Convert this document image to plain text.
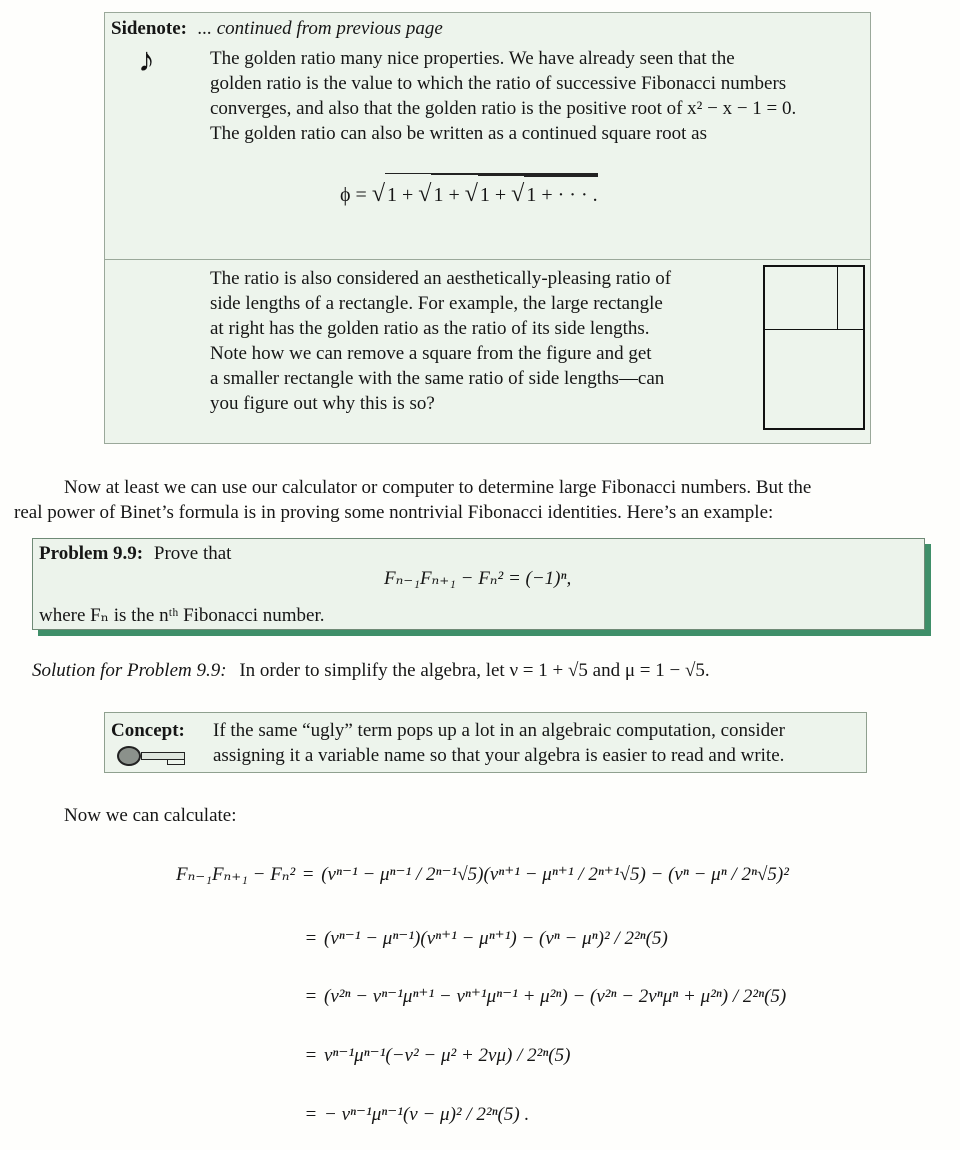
Sidenote: ... continued from previous page
♪	The golden ratio many nice properties. We have already seen that the
golden ratio is the value to which the ratio of successive Fibonacci numbers
converges, and also that the golden ratio is the positive root of x² − x − 1 = 0.
The golden ratio can also be written as a continued square root as
ϕ = √ 1 + √ 1 + √ 1 + √ 1 + · · · .
The ratio is also considered an aesthetically-pleasing ratio of
side lengths of a rectangle. For example, the large rectangle
at right has the golden ratio as the ratio of its side lengths.
Note how we can remove a square from the figure and get
a smaller rectangle with the same ratio of side lengths—can
you figure out why this is so?
Now at least we can use our calculator or computer to determine large Fibonacci numbers. But the
real power of Binet’s formula is in proving some nontrivial Fibonacci identities. Here’s an example:
Problem 9.9: Prove that
Fₙ₋₁Fₙ₊₁ − Fₙ² = (−1)ⁿ,
where Fₙ is the nᵗʰ Fibonacci number.
Solution for Problem 9.9: In order to simplify the algebra, let ν = 1 + √5 and μ = 1 − √5.
Concept: If the same “ugly” term pops up a lot in an algebraic computation, consider
assigning it a variable name so that your algebra is easier to read and write.
Now we can calculate:
Fₙ₋₁Fₙ₊₁ − Fₙ² = (νⁿ⁻¹ − μⁿ⁻¹ / 2ⁿ⁻¹√5)(νⁿ⁺¹ − μⁿ⁺¹ / 2ⁿ⁺¹√5) − (νⁿ − μⁿ / 2ⁿ√5)²
= (νⁿ⁻¹ − μⁿ⁻¹)(νⁿ⁺¹ − μⁿ⁺¹) − (νⁿ − μⁿ)² / 2²ⁿ(5)
= (ν²ⁿ − νⁿ⁻¹μⁿ⁺¹ − νⁿ⁺¹μⁿ⁻¹ + μ²ⁿ) − (ν²ⁿ − 2νⁿμⁿ + μ²ⁿ) / 2²ⁿ(5)
= νⁿ⁻¹μⁿ⁻¹(−ν² − μ² + 2νμ) / 2²ⁿ(5)
= − νⁿ⁻¹μⁿ⁻¹(ν − μ)² / 2²ⁿ(5) .
